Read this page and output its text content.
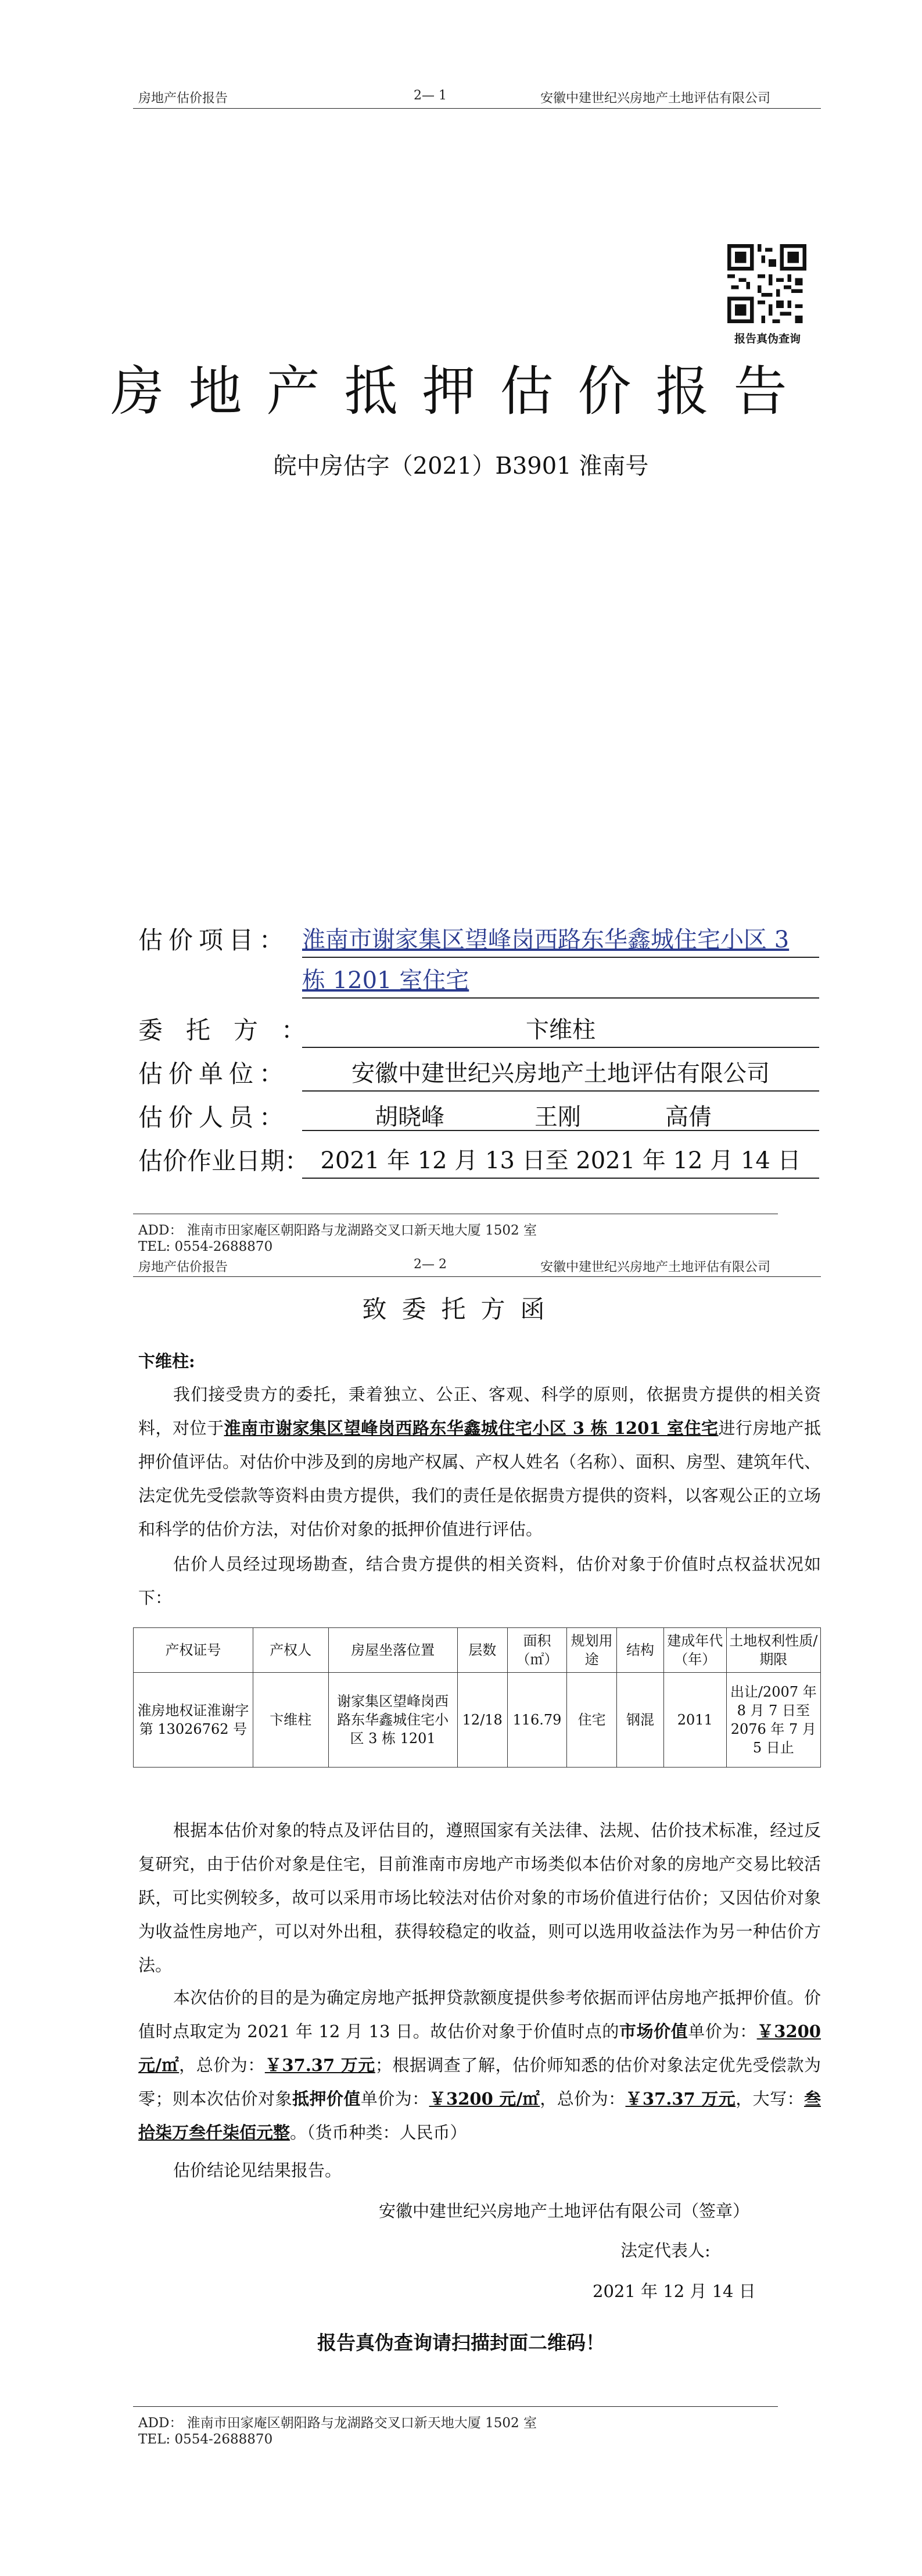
房地产估价报告	2— 1	安徽中建世纪兴房地产土地评估有限公司
报告真伪查询
房地产抵押估价报告
皖中房估字（2021）B3901 淮南号
估价项目： 淮南市谢家集区望峰岗西路东华鑫城住宅小区 3
栋 1201 室住宅
委托方：	卞维柱
估价单位：	安徽中建世纪兴房地产土地评估有限公司
估价人员：	胡晓峰	王刚	高倩
估价作业日期： 2021 年 12 月 13 日至 2021 年 12 月 14 日
ADD： 淮南市田家庵区朝阳路与龙湖路交叉口新天地大厦 1502 室
TEL: 0554-2688870
房地产估价报告	2— 2	安徽中建世纪兴房地产土地评估有限公司
致委托方函
卞维柱:
我们接受贵方的委托，秉着独立、公正、客观、科学的原则，依据贵方提供的相关资料，对位于淮南市谢家集区望峰岗西路东华鑫城住宅小区 3 栋 1201 室住宅进行房地产抵押价值评估。对估价中涉及到的房地产权属、产权人姓名（名称）、面积、房型、建筑年代、法定优先受偿款等资料由贵方提供，我们的责任是依据贵方提供的资料，以客观公正的立场和科学的估价方法，对估价对象的抵押价值进行评估。
估价人员经过现场勘查，结合贵方提供的相关资料，估价对象于价值时点权益状况如下：
产权证号	产权人	房屋坐落位置	层数	面积（㎡）	规划用途	结构	建成年代（年）	土地权利性质/期限
淮房地权证淮谢字第 13026762 号	卞维柱	谢家集区望峰岗西路东华鑫城住宅小区 3 栋 1201	12/18	116.79	住宅	钢混	2011	出让/2007 年 8 月 7 日至 2076 年 7 月 5 日止
根据本估价对象的特点及评估目的，遵照国家有关法律、法规、估价技术标准，经过反复研究，由于估价对象是住宅，目前淮南市房地产市场类似本估价对象的房地产交易比较活跃，可比实例较多，故可以采用市场比较法对估价对象的市场价值进行估价；又因估价对象为收益性房地产，可以对外出租，获得较稳定的收益，则可以选用收益法作为另一种估价方法。
本次估价的目的是为确定房地产抵押贷款额度提供参考依据而评估房地产抵押价值。价值时点取定为 2021 年 12 月 13 日。故估价对象于价值时点的市场价值单价为：￥3200 元/㎡，总价为：￥37.37 万元；根据调查了解，估价师知悉的估价对象法定优先受偿款为零；则本次估价对象抵押价值单价为：￥3200 元/㎡，总价为：￥37.37 万元，大写：叁拾柒万叁仟柒佰元整。（货币种类：人民币）
估价结论见结果报告。
安徽中建世纪兴房地产土地评估有限公司（签章）
法定代表人:
2021 年 12 月 14 日
报告真伪查询请扫描封面二维码！
ADD： 淮南市田家庵区朝阳路与龙湖路交叉口新天地大厦 1502 室
TEL: 0554-2688870
